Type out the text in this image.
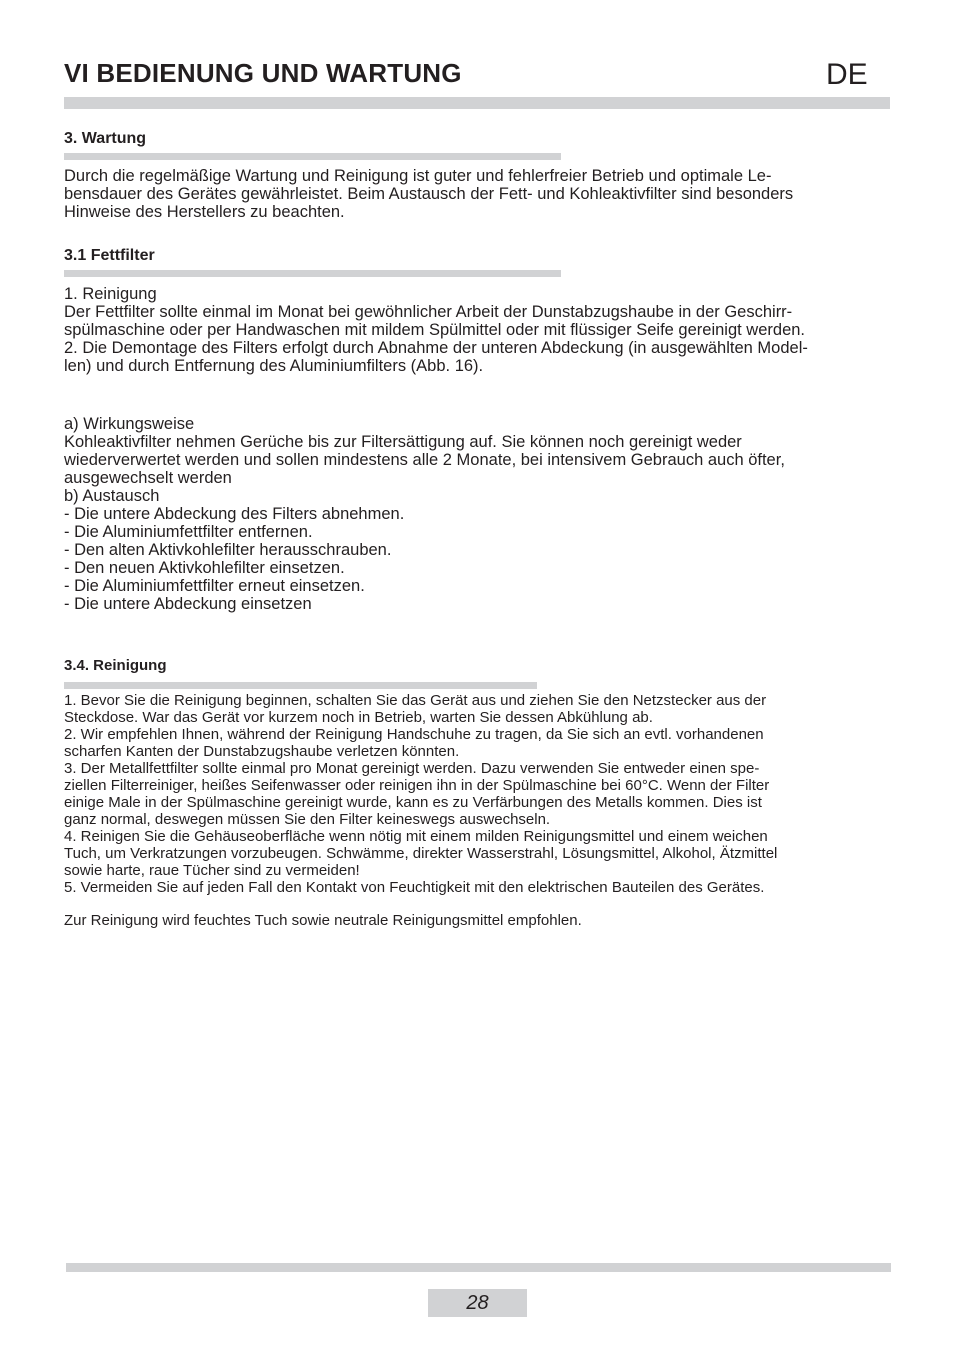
VI BEDIENUNG UND WARTUNG	DE
3. Wartung
Durch die regelmäßige Wartung und Reinigung ist guter und fehlerfreier Betrieb und optimale Le-
bensdauer des Gerätes gewährleistet. Beim Austausch der Fett- und Kohleaktivfilter sind besonders
Hinweise des Herstellers zu beachten.
3.1 Fettfilter
1. Reinigung
Der Fettfilter sollte einmal im Monat bei gewöhnlicher Arbeit der Dunstabzugshaube in der Geschirr-
spülmaschine oder per Handwaschen mit mildem Spülmittel oder mit flüssiger Seife gereinigt werden.
2. Die Demontage des Filters erfolgt durch Abnahme der unteren Abdeckung (in ausgewählten Model-
len) und durch Entfernung des Aluminiumfilters (Abb. 16).
a) Wirkungsweise
Kohleaktivfilter nehmen Gerüche bis zur Filtersättigung auf. Sie können noch gereinigt weder
wiederverwertet werden und sollen mindestens alle 2 Monate, bei intensivem Gebrauch auch öfter,
ausgewechselt werden
b) Austausch
- Die untere Abdeckung des Filters abnehmen.
- Die Aluminiumfettfilter entfernen.
- Den alten Aktivkohlefilter herausschrauben.
- Den neuen Aktivkohlefilter einsetzen.
- Die Aluminiumfettfilter erneut einsetzen.
- Die untere Abdeckung einsetzen
3.4. Reinigung
1. Bevor Sie die Reinigung beginnen, schalten Sie das Gerät aus und ziehen Sie den Netzstecker aus der
Steckdose. War das Gerät vor kurzem noch in Betrieb, warten Sie dessen Abkühlung ab.
2. Wir empfehlen Ihnen, während der Reinigung Handschuhe zu tragen, da Sie sich an evtl. vorhandenen
scharfen Kanten der Dunstabzugshaube verletzen könnten.
3. Der Metallfettfilter sollte einmal pro Monat gereinigt werden. Dazu verwenden Sie entweder einen spe-
ziellen Filterreiniger, heißes Seifenwasser oder reinigen ihn in der Spülmaschine bei 60°C. Wenn der Filter
einige Male in der Spülmaschine gereinigt wurde, kann es zu Verfärbungen des Metalls kommen. Dies ist
ganz normal, deswegen müssen Sie den Filter keineswegs auswechseln.
4. Reinigen Sie die Gehäuseoberfläche wenn nötig mit einem milden Reinigungsmittel und einem weichen
Tuch, um Verkratzungen vorzubeugen. Schwämme, direkter Wasserstrahl, Lösungsmittel, Alkohol, Ätzmittel
sowie harte, raue Tücher sind zu vermeiden!
5. Vermeiden Sie auf jeden Fall den Kontakt von Feuchtigkeit mit den elektrischen Bauteilen des Gerätes.
Zur Reinigung wird feuchtes Tuch sowie neutrale Reinigungsmittel empfohlen.
28
